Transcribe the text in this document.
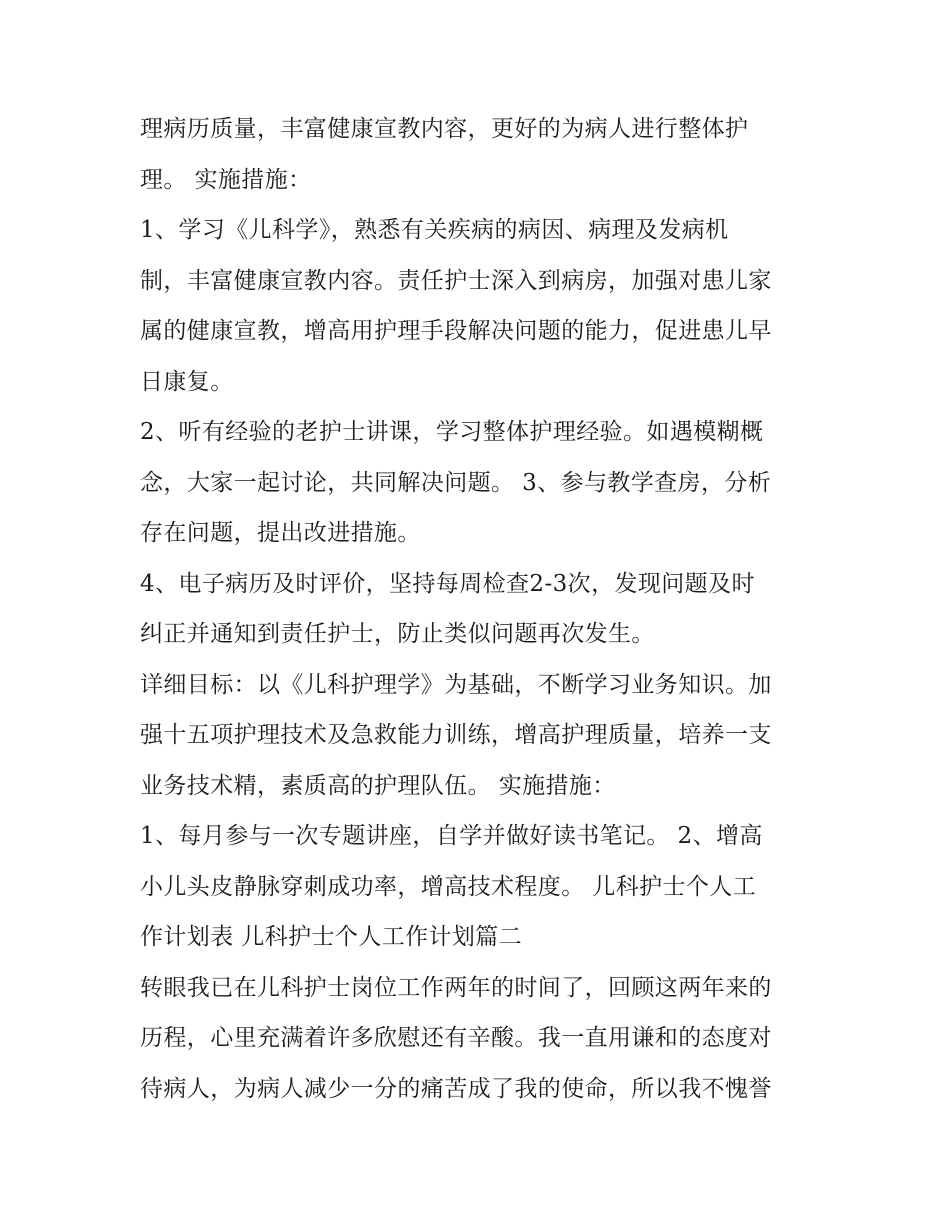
理病历质量，丰富健康宣教内容，更好的为病人进行整体护
理。 实施措施：
1、学习《儿科学》，熟悉有关疾病的病因、病理及发病机
制，丰富健康宣教内容。责任护士深入到病房，加强对患儿家
属的健康宣教，增高用护理手段解决问题的能力，促进患儿早
日康复。
2、听有经验的老护士讲课，学习整体护理经验。如遇模糊概
念，大家一起讨论，共同解决问题。 3、参与教学查房，分析
存在问题，提出改进措施。
4、电子病历及时评价，坚持每周检查2-3次，发现问题及时
纠正并通知到责任护士，防止类似问题再次发生。
详细目标：以《儿科护理学》为基础，不断学习业务知识。加
强十五项护理技术及急救能力训练，增高护理质量，培养一支
业务技术精，素质高的护理队伍。 实施措施：
1、每月参与一次专题讲座，自学并做好读书笔记。 2、增高
小儿头皮静脉穿刺成功率，增高技术程度。 儿科护士个人工
作计划表 儿科护士个人工作计划篇二
转眼我已在儿科护士岗位工作两年的时间了，回顾这两年来的
历程，心里充满着许多欣慰还有辛酸。我一直用谦和的态度对
待病人，为病人减少一分的痛苦成了我的使命，所以我不愧誉
